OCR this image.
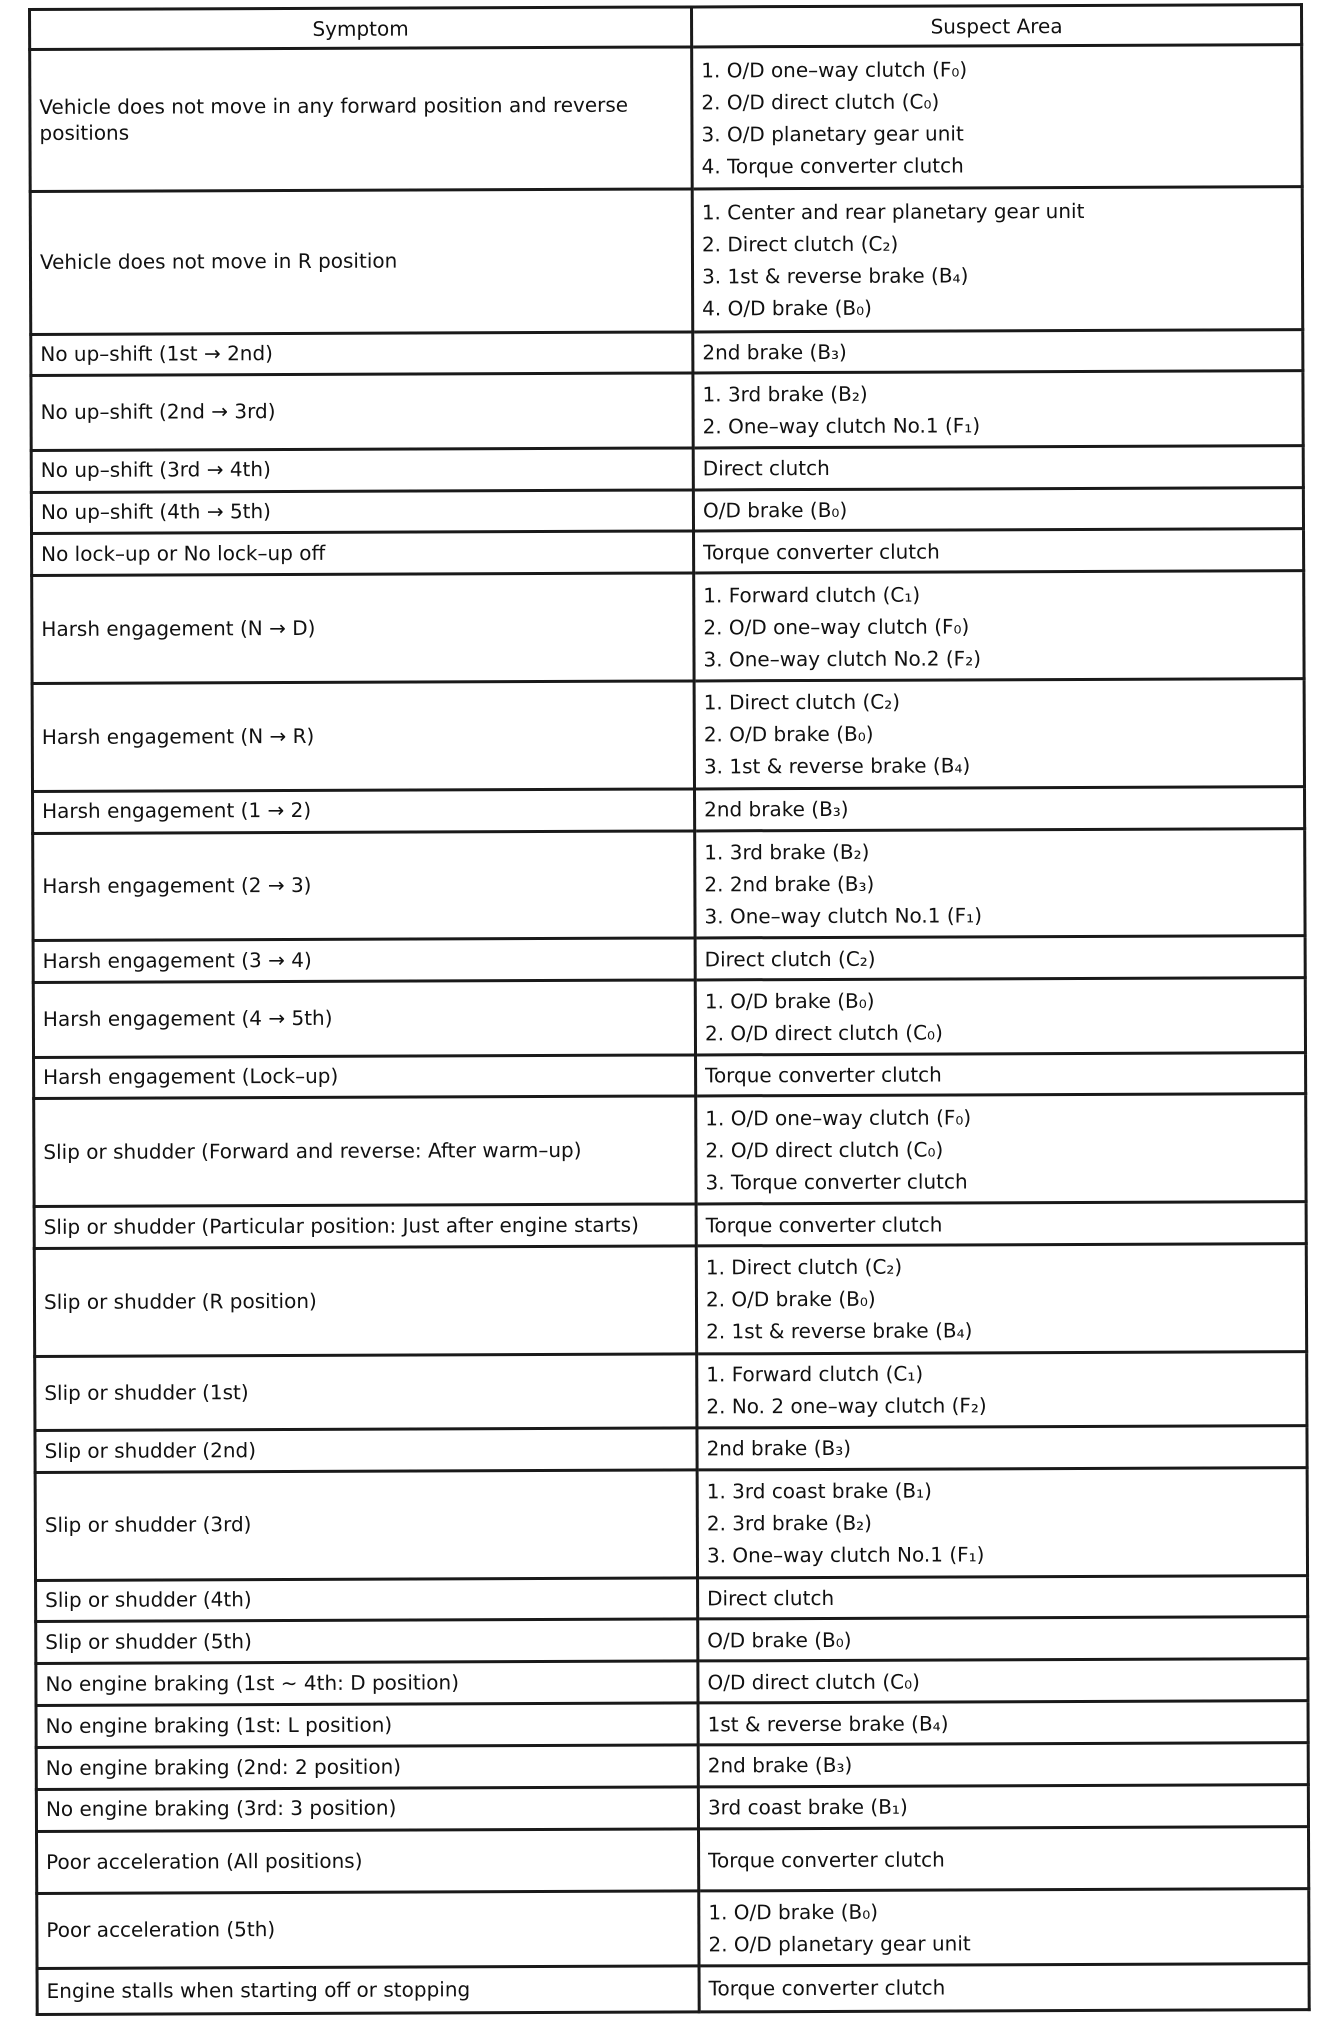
Symptom	Suspect Area
Vehicle does not move in any forward position and reverse positions	1. O/D one–way clutch (F₀)
2. O/D direct clutch (C₀)
3. O/D planetary gear unit
4. Torque converter clutch

Vehicle does not move in R position	1. Center and rear planetary gear unit
2. Direct clutch (C₂)
3. 1st & reverse brake (B₄)
4. O/D brake (B₀)

No up–shift (1st → 2nd)	2nd brake (B₃)

No up–shift (2nd → 3rd)	1. 3rd brake (B₂)
2. One–way clutch No.1 (F₁)

No up–shift (3rd → 4th)	Direct clutch

No up–shift (4th → 5th)	O/D brake (B₀)

No lock–up or No lock–up off	Torque converter clutch

Harsh engagement (N → D)	1. Forward clutch (C₁)
2. O/D one–way clutch (F₀)
3. One–way clutch No.2 (F₂)

Harsh engagement (N → R)	1. Direct clutch (C₂)
2. O/D brake (B₀)
3. 1st & reverse brake (B₄)

Harsh engagement (1 → 2)	2nd brake (B₃)

Harsh engagement (2 → 3)	1. 3rd brake (B₂)
2. 2nd brake (B₃)
3. One–way clutch No.1 (F₁)

Harsh engagement (3 → 4)	Direct clutch (C₂)

Harsh engagement (4 → 5th)	1. O/D brake (B₀)
2. O/D direct clutch (C₀)

Harsh engagement (Lock–up)	Torque converter clutch

Slip or shudder (Forward and reverse: After warm–up)	1. O/D one–way clutch (F₀)
2. O/D direct clutch (C₀)
3. Torque converter clutch

Slip or shudder (Particular position: Just after engine starts)	Torque converter clutch

Slip or shudder (R position)	1. Direct clutch (C₂)
2. O/D brake (B₀)
2. 1st & reverse brake (B₄)

Slip or shudder (1st)	1. Forward clutch (C₁)
2. No. 2 one–way clutch (F₂)

Slip or shudder (2nd)	2nd brake (B₃)

Slip or shudder (3rd)	1. 3rd coast brake (B₁)
2. 3rd brake (B₂)
3. One–way clutch No.1 (F₁)

Slip or shudder (4th)	Direct clutch

Slip or shudder (5th)	O/D brake (B₀)

No engine braking (1st ~ 4th: D position)	O/D direct clutch (C₀)

No engine braking (1st: L position)	1st & reverse brake (B₄)

No engine braking (2nd: 2 position)	2nd brake (B₃)

No engine braking (3rd: 3 position)	3rd coast brake (B₁)

Poor acceleration (All positions)	Torque converter clutch

Poor acceleration (5th)	1. O/D brake (B₀)
2. O/D planetary gear unit

Engine stalls when starting off or stopping	Torque converter clutch
